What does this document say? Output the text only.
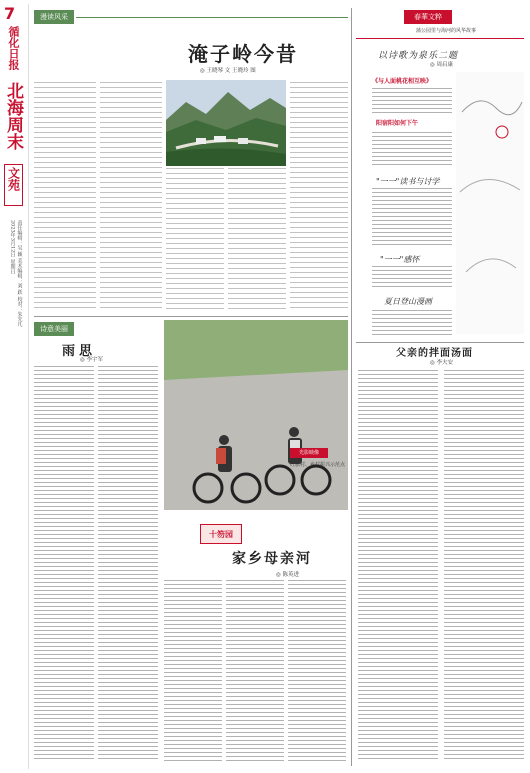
7
循化日报
北海周末
文苑
2023年3月12日 星期日 责任编辑：吴 颖 美术编辑：刘 跃 校对：朱先凡
漫读风采
淹子岭今昔
◎ 王晓琴 文 王晓玲 图
诗意美丽
雨思
◎ 李宇军
光影映像
红旗村、乡村振兴示范点
十笏园
家乡母亲河
◎ 陈英进
春華文粹
蒲公园里与海河的风华故事
以诗歌为泉乐二题
◎ 周启康
《与人面桃花相互映》
阳宿阳如何下午
"一一"读书与讨学
"一一"感怀
夏日登山漫画
父亲的拌面汤面
◎ 李夫安
